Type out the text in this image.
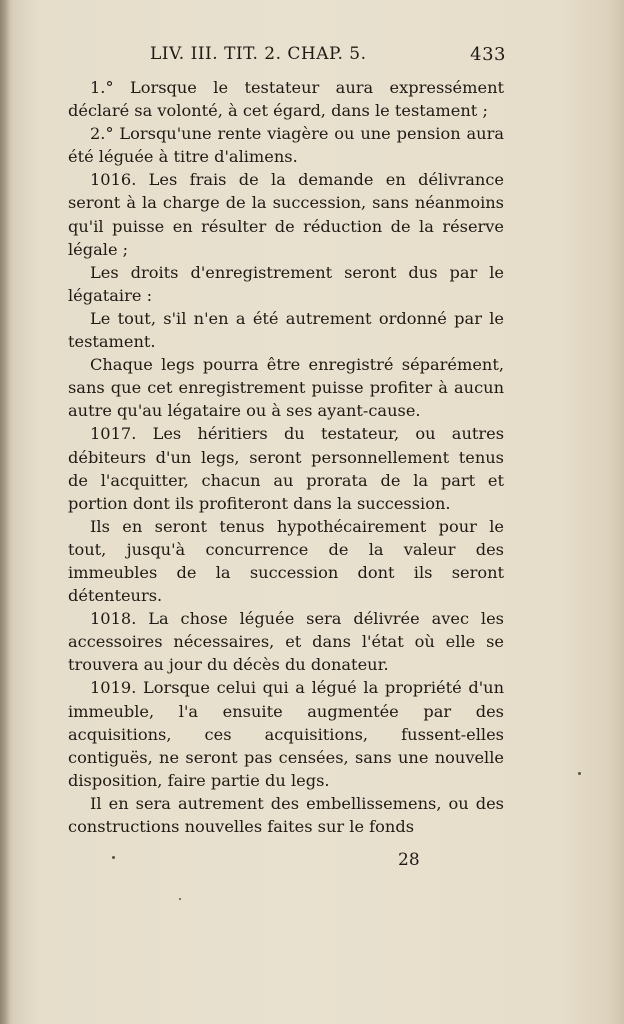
LIV. III. TIT. 2. CHAP. 5.	433

1.° Lorsque le testateur aura expressément déclaré sa volonté, à cet égard, dans le testament ;

2.° Lorsqu'une rente viagère ou une pension aura été léguée à titre d'alimens.

1016. Les frais de la demande en délivrance seront à la charge de la succession, sans néanmoins qu'il puisse en résulter de réduction de la réserve légale ;

Les droits d'enregistrement seront dus par le légataire :

Le tout, s'il n'en a été autrement ordonné par le testament.

Chaque legs pourra être enregistré séparément, sans que cet enregistrement puisse profiter à aucun autre qu'au légataire ou à ses ayant-cause.

1017. Les héritiers du testateur, ou autres débiteurs d'un legs, seront personnellement tenus de l'acquitter, chacun au prorata de la part et portion dont ils profiteront dans la succession.

Ils en seront tenus hypothécairement pour le tout, jusqu'à concurrence de la valeur des immeubles de la succession dont ils seront détenteurs.

1018. La chose léguée sera délivrée avec les accessoires nécessaires, et dans l'état où elle se trouvera au jour du décès du donateur.

1019. Lorsque celui qui a légué la propriété d'un immeuble, l'a ensuite augmentée par des acquisitions, ces acquisitions, fussent-elles contiguës, ne seront pas censées, sans une nouvelle disposition, faire partie du legs.

Il en sera autrement des embellissemens, ou des constructions nouvelles faites sur le fonds

28
